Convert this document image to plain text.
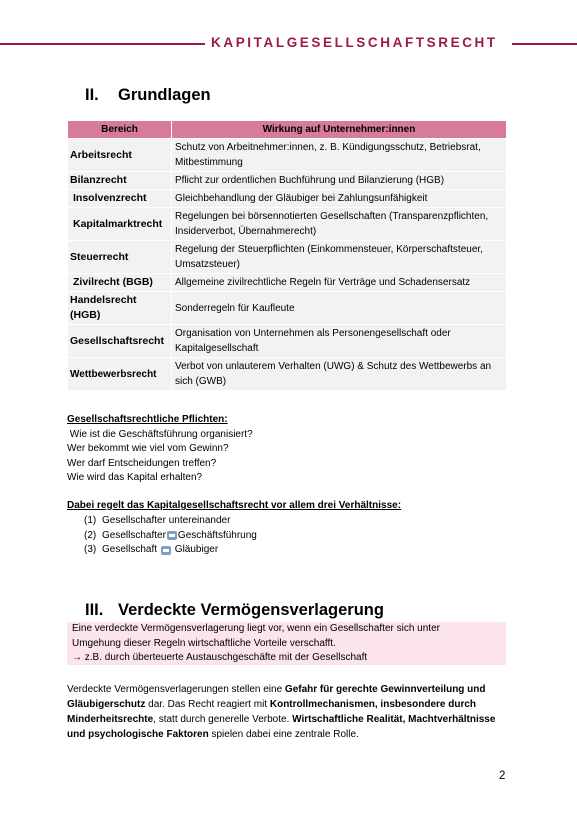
KAPITALGESELLSCHAFTSRECHT
II. Grundlagen
Bereich	Wirkung auf Unternehmer:innen
Arbeitsrecht	Schutz von Arbeitnehmer:innen, z. B. Kündigungsschutz, Betriebsrat, Mitbestimmung
Bilanzrecht	Pflicht zur ordentlichen Buchführung und Bilanzierung (HGB)
Insolvenzrecht	Gleichbehandlung der Gläubiger bei Zahlungsunfähigkeit
Kapitalmarktrecht	Regelungen bei börsennotierten Gesellschaften (Transparenzpflichten, Insiderverbot, Übernahmerecht)
Steuerrecht	Regelung der Steuerpflichten (Einkommensteuer, Körperschaftsteuer, Umsatzsteuer)
Zivilrecht (BGB)	Allgemeine zivilrechtliche Regeln für Verträge und Schadensersatz
Handelsrecht (HGB)	Sonderregeln für Kaufleute
Gesellschaftsrecht	Organisation von Unternehmen als Personengesellschaft oder Kapitalgesellschaft
Wettbewerbsrecht	Verbot von unlauterem Verhalten (UWG) & Schutz des Wettbewerbs an sich (GWB)
Gesellschaftsrechtliche Pflichten:
Wie ist die Geschäftsführung organisiert?
Wer bekommt wie viel vom Gewinn?
Wer darf Entscheidungen treffen?
Wie wird das Kapital erhalten?
Dabei regelt das Kapitalgesellschaftsrecht vor allem drei Verhältnisse:
(1) Gesellschafter untereinander
(2) Gesellschafter Geschäftsführung
(3) Gesellschaft Gläubiger
III. Verdeckte Vermögensverlagerung
Eine verdeckte Vermögensverlagerung liegt vor, wenn ein Gesellschafter sich unter
Umgehung dieser Regeln wirtschaftliche Vorteile verschafft.
→ z.B. durch überteuerte Austauschgeschäfte mit der Gesellschaft
Verdeckte Vermögensverlagerungen stellen eine Gefahr für gerechte Gewinnverteilung und Gläubigerschutz dar. Das Recht reagiert mit Kontrollmechanismen, insbesondere durch Minderheitsrechte, statt durch generelle Verbote. Wirtschaftliche Realität, Machtverhältnisse und psychologische Faktoren spielen dabei eine zentrale Rolle.
2
